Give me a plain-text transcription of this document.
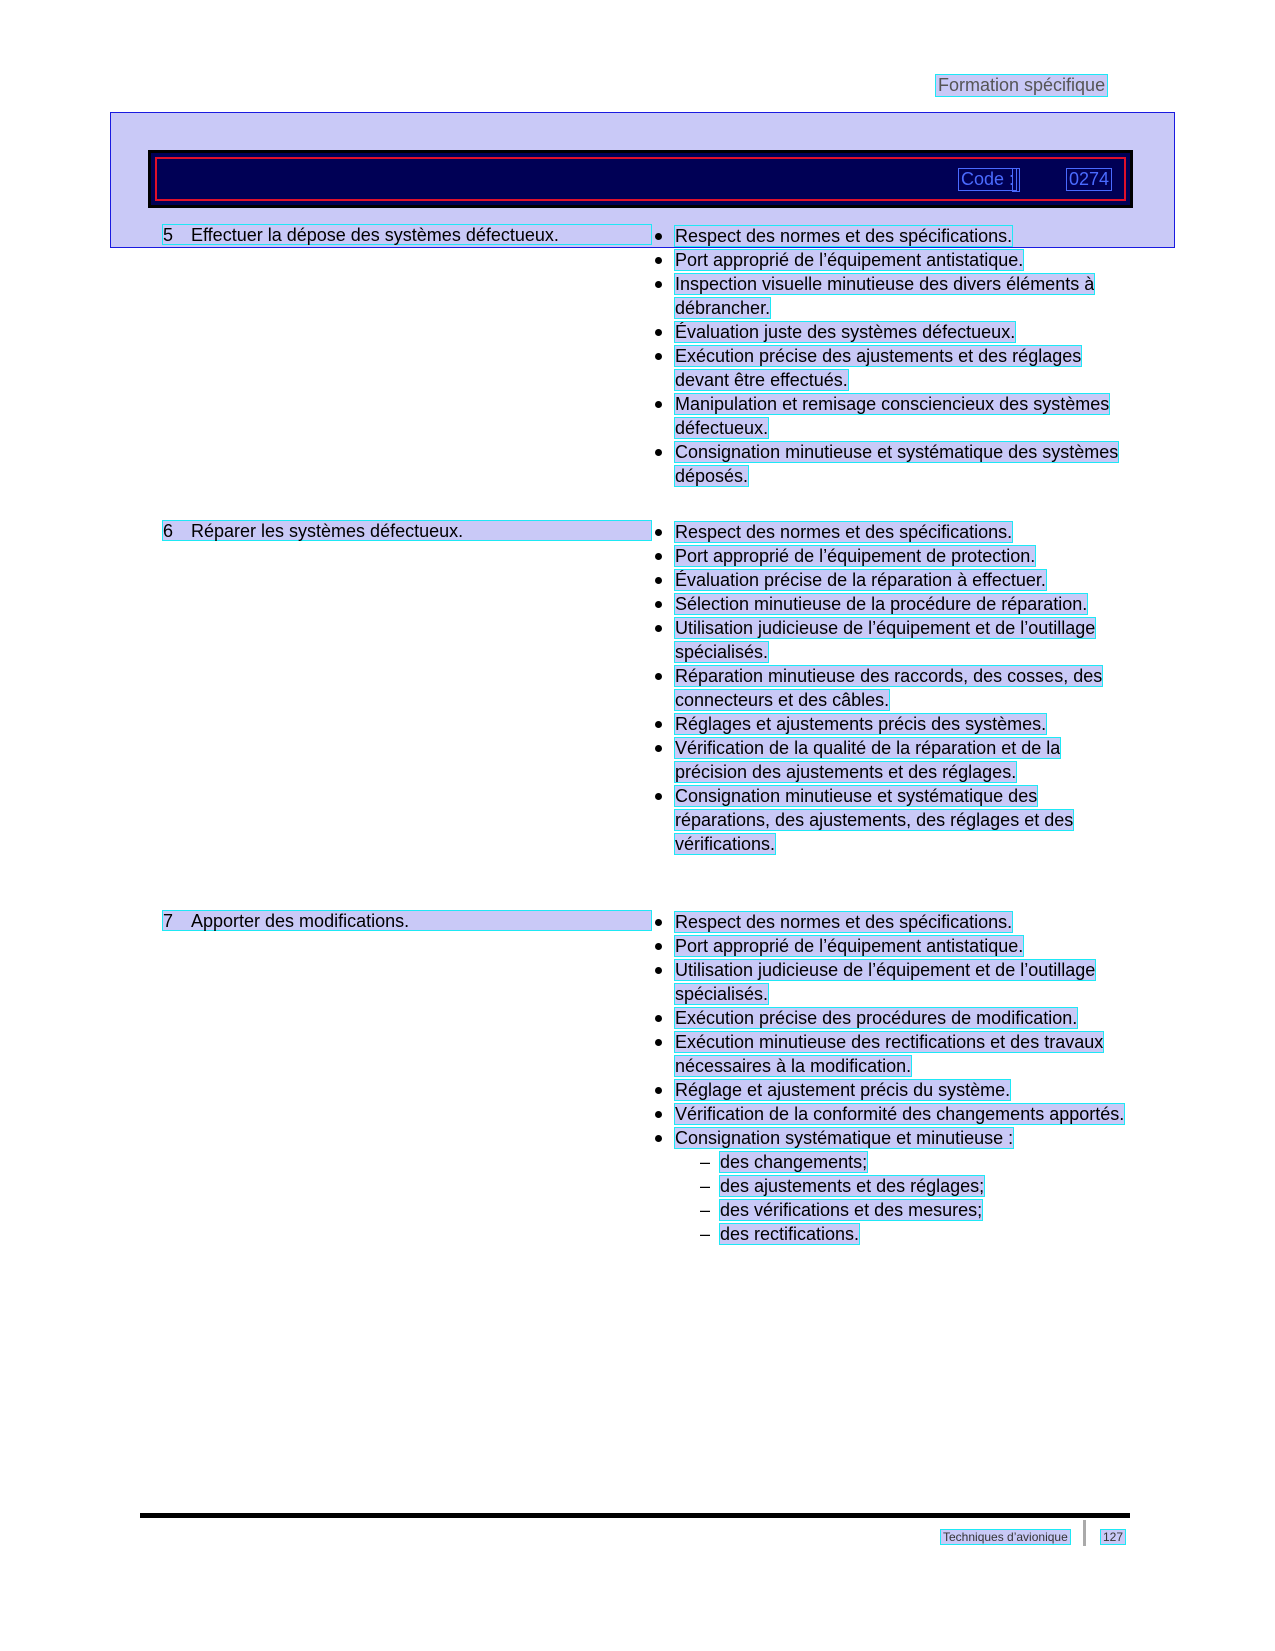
Formation spécifique
Code :	0274
5 Effectuer la dépose des systèmes défectueux.	Respect des normes et des spécifications.
Port approprié de l’équipement antistatique.
Inspection visuelle minutieuse des divers éléments à débrancher.
Évaluation juste des systèmes défectueux.
Exécution précise des ajustements et des réglages devant être effectués.
Manipulation et remisage consciencieux des systèmes défectueux.
Consignation minutieuse et systématique des systèmes déposés.
6 Réparer les systèmes défectueux.	Respect des normes et des spécifications.
Port approprié de l’équipement de protection.
Évaluation précise de la réparation à effectuer.
Sélection minutieuse de la procédure de réparation.
Utilisation judicieuse de l’équipement et de l’outillage spécialisés.
Réparation minutieuse des raccords, des cosses, des connecteurs et des câbles.
Réglages et ajustements précis des systèmes.
Vérification de la qualité de la réparation et de la précision des ajustements et des réglages.
Consignation minutieuse et systématique des réparations, des ajustements, des réglages et des vérifications.
7 Apporter des modifications.	Respect des normes et des spécifications.
Port approprié de l’équipement antistatique.
Utilisation judicieuse de l’équipement et de l’outillage spécialisés.
Exécution précise des procédures de modification.
Exécution minutieuse des rectifications et des travaux nécessaires à la modification.
Réglage et ajustement précis du système.
Vérification de la conformité des changements apportés.
Consignation systématique et minutieuse :
– des changements;
– des ajustements et des réglages;
– des vérifications et des mesures;
– des rectifications.
Techniques d’avionique	127
